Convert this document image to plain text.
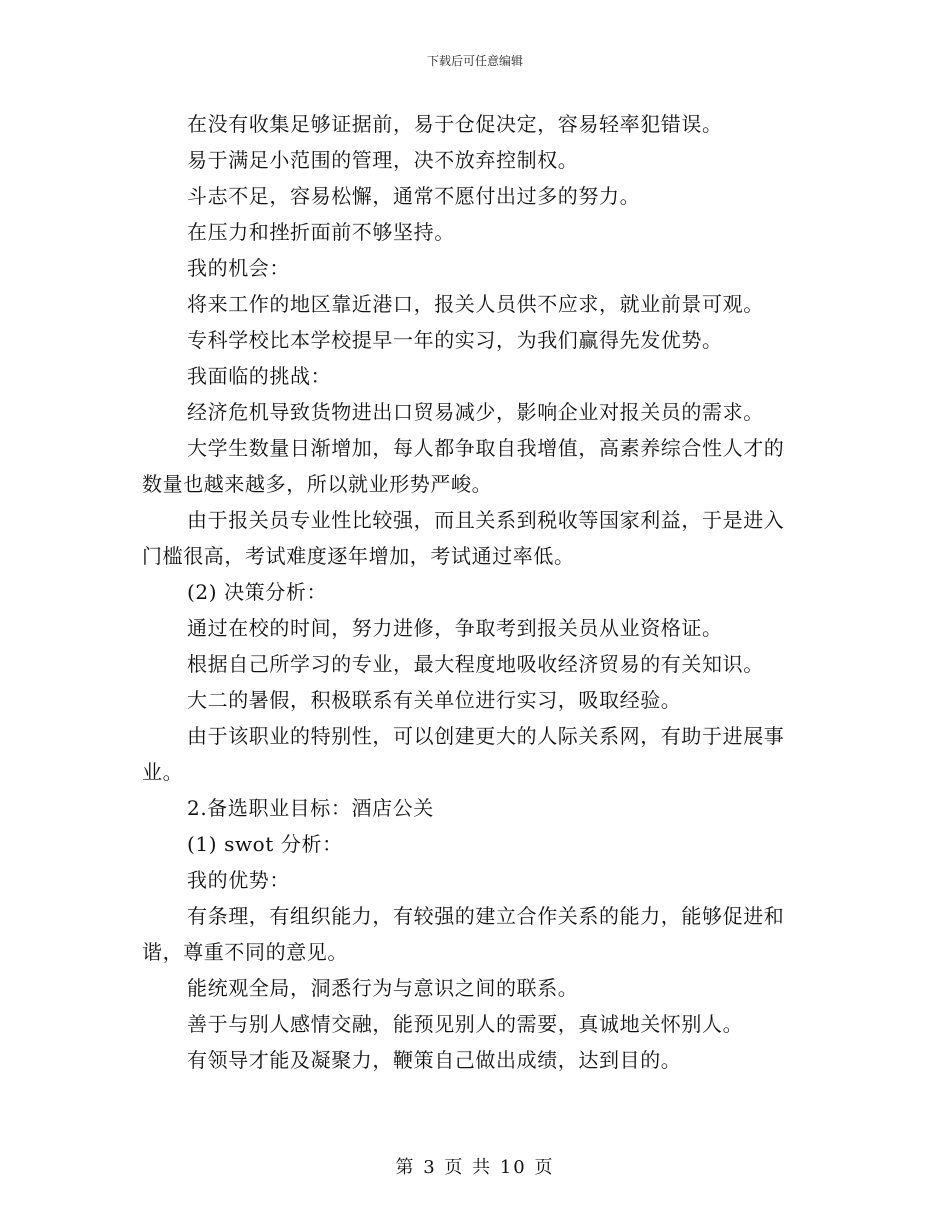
下载后可任意编辑

在没有收集足够证据前，易于仓促决定，容易轻率犯错误。

易于满足小范围的管理，决不放弃控制权。

斗志不足，容易松懈，通常不愿付出过多的努力。

在压力和挫折面前不够坚持。

我的机会：

将来工作的地区靠近港口，报关人员供不应求，就业前景可观。

专科学校比本学校提早一年的实习，为我们赢得先发优势。

我面临的挑战：

经济危机导致货物进出口贸易减少，影响企业对报关员的需求。

大学生数量日渐增加，每人都争取自我增值，高素养综合性人才的数量也越来越多，所以就业形势严峻。

由于报关员专业性比较强，而且关系到税收等国家利益，于是进入门槛很高，考试难度逐年增加，考试通过率低。

(2) 决策分析：

通过在校的时间，努力进修，争取考到报关员从业资格证。

根据自己所学习的专业，最大程度地吸收经济贸易的有关知识。

大二的暑假，积极联系有关单位进行实习，吸取经验。

由于该职业的特别性，可以创建更大的人际关系网，有助于进展事业。

2.备选职业目标：酒店公关

(1) swot 分析：

我的优势：

有条理，有组织能力，有较强的建立合作关系的能力，能够促进和谐，尊重不同的意见。

能统观全局，洞悉行为与意识之间的联系。

善于与别人感情交融，能预见别人的需要，真诚地关怀别人。

有领导才能及凝聚力，鞭策自己做出成绩，达到目的。

第 3 页 共 10 页
